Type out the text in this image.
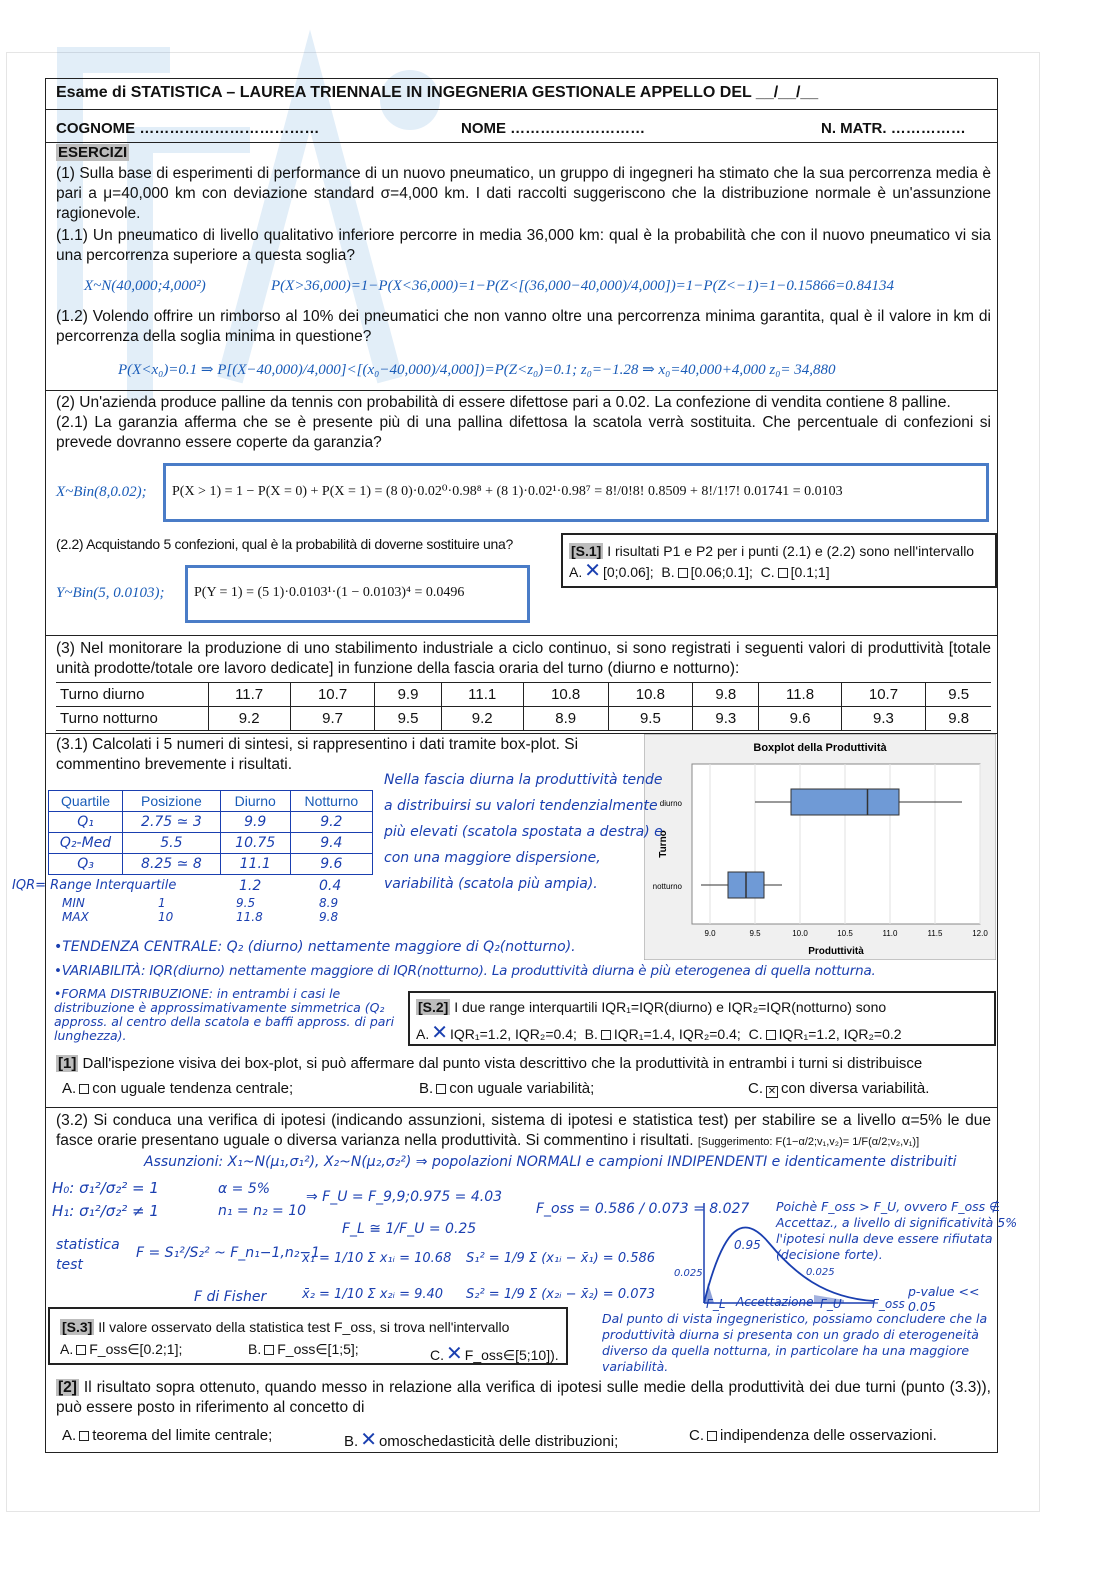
Esame di STATISTICA – LAUREA TRIENNALE IN INGEGNERIA GESTIONALE APPELLO DEL __/__/__
COGNOME ………………………………	NOME ………………………	N. MATR. ……………
ESERCIZI
(1) Sulla base di esperimenti di performance di un nuovo pneumatico, un gruppo di ingegneri ha stimato che la sua percorrenza media è pari a μ=40,000 km con deviazione standard σ=4,000 km. I dati raccolti suggeriscono che la distribuzione normale è un'assunzione ragionevole.
(1.1) Un pneumatico di livello qualitativo inferiore percorre in media 36,000 km: qual è la probabilità che con il nuovo pneumatico vi sia una percorrenza superiore a questa soglia?
X~N(40,000;4,000²)	P(X>36,000)=1−P(X<36,000)=1−P(Z<[(36,000−40,000)/4,000])=1−P(Z<−1)=1−0.15866=0.84134
(1.2) Volendo offrire un rimborso al 10% dei pneumatici che non vanno oltre una percorrenza minima garantita, qual è il valore in km di percorrenza della soglia minima in questione?
P(X<x₀)=0.1 ⇒ P[(X−40,000)/4,000]<[(x₀−40,000)/4,000])=P(Z<z₀)=0.1; z₀=−1.28 ⇒ x₀=40,000+4,000 z₀= 34,880
(2) Un'azienda produce palline da tennis con probabilità di essere difettose pari a 0.02. La confezione di vendita contiene 8 palline.
(2.1) La garanzia afferma che se è presente più di una pallina difettosa la scatola verrà sostituita. Che percentuale di confezioni si prevede dovranno essere coperte da garanzia?
X~Bin(8,0.02); P(X > 1) = 1 − P(X = 0) + P(X = 1) = (8 0)·0.02⁰·0.98⁸ + (8 1)·0.02¹·0.98⁷ = 8!/0!8! 0.8509 + 8!/1!7! 0.01741 = 0.0103
(2.2) Acquistando 5 confezioni, qual è la probabilità di doverne sostituire una?
Y~Bin(5, 0.0103); P(Y = 1) = (5 1)·0.0103¹·(1 − 0.0103)⁴ = 0.0496
[S.1] I risultati P1 e P2 per i punti (2.1) e (2.2) sono nell'intervallo A. ✕ [0;0.06]; B. [0.06;0.1]; C. [0.1;1]
(3) Nel monitorare la produzione di uno stabilimento industriale a ciclo continuo, si sono registrati i seguenti valori di produttività [totale unità prodotte/totale ore lavoro dedicate] in funzione della fascia oraria del turno (diurno e notturno):
Turno diurno	11.7	10.7	9.9	11.1	10.8	10.8	9.8	11.8	10.7	9.5
Turno notturno	9.2	9.7	9.5	9.2	8.9	9.5	9.3	9.6	9.3	9.8
(3.1) Calcolati i 5 numeri di sintesi, si rappresentino i dati tramite box-plot. Si commentino brevemente i risultati.
Boxplot della Produttività
9.0	9.5	10.0	10.5	11.0	11.5	12.0
diurno
notturno
Turno
Produttività
Nella fascia diurna la produttività tende a distribuirsi su valori tendenzialmente più elevati (scatola spostata a destra) e con una maggiore dispersione, variabilità (scatola più ampia).
Quartile	Posizione	Diurno	Notturno
Q₁	2.75 ≃ 3	9.9	9.2
Q₂-Med	5.5	10.75	9.4
Q₃	8.25 ≃ 8	11.1	9.6
IQR= Range Interquartile	1.2	0.4
MIN	1	9.5	8.9
MAX	10	11.8	9.8
•TENDENZA CENTRALE: Q₂ (diurno) nettamente maggiore di Q₂(notturno).
•VARIABILITÀ: IQR(diurno) nettamente maggiore di IQR(notturno). La produttività diurna è più eterogenea di quella notturna.
•FORMA DISTRIBUZIONE: in entrambi i casi le distribuzione è approssimativamente simmetrica (Q₂ appross. al centro della scatola e baffi appross. di pari lunghezza).
[S.2] I due range interquartili IQR₁=IQR(diurno) e IQR₂=IQR(notturno) sono
A. ✕ IQR₁=1.2, IQR₂=0.4; B. IQR₁=1.4, IQR₂=0.4; C. IQR₁=1.2, IQR₂=0.2
[1] Dall'ispezione visiva dei box-plot, si può affermare dal punto vista descrittivo che la produttività in entrambi i turni si distribuisce
A. con uguale tendenza centrale;	B. con uguale variabilità;	C. ✕ con diversa variabilità.
(3.2) Si conduca una verifica di ipotesi (indicando assunzioni, sistema di ipotesi e statistica test) per stabilire se a livello α=5% le due fasce orarie presentano uguale o diversa varianza nella produttività. Si commentino i risultati. [Suggerimento: F(1−α/2;v₁,v₂)= 1/F(α/2;v₂,v₁)]
Assunzioni: X₁~N(μ₁,σ₁²), X₂~N(μ₂,σ₂²) ⇒ popolazioni NORMALI e campioni INDIPENDENTI e identicamente distribuiti
H₀: σ₁²/σ₂² = 1
H₁: σ₁²/σ₂² ≠ 1
α = 5%
n₁ = n₂ = 10
⇒ F_U = F_9,9;0.975 = 4.03
F_L ≅ 1/F_U = 0.25
F_oss = 0.586 / 0.073 = 8.027
statistica test
F = S₁²/S₂² ~ F_n₁−1,n₂−1
F di Fisher
x̄₁ = 1/10 Σ x₁ᵢ = 10.68 S₁² = 1/9 Σ (x₁ᵢ − x̄₁) = 0.586
x̄₂ = 1/10 Σ x₂ᵢ = 9.40 S₂² = 1/9 Σ (x₂ᵢ − x̄₂) = 0.073
0.95
0.025	0.025
F_L Accettazione F_U	F_oss
Poichè F_oss > F_U, ovvero F_oss ∉ Accettaz., a livello di significatività 5% l'ipotesi nulla deve essere rifiutata (decisione forte).
p-value << 0.05
[S.3] Il valore osservato della statistica test F_oss, si trova nell'intervallo
A. F_oss∈[0.2;1];	B. F_oss∈[1;5];	C. ✕ F_oss∈[5;10]).
Dal punto di vista ingegneristico, possiamo concludere che la produttività diurna si presenta con un grado di eterogeneità diverso da quella notturna, in particolare ha una maggiore variabilità.
[2] Il risultato sopra ottenuto, quando messo in relazione alla verifica di ipotesi sulle medie della produttività dei due turni (punto (3.3)), può essere posto in riferimento al concetto di
A. teorema del limite centrale;	B. ✕ omoschedasticità delle distribuzioni;	C. indipendenza delle osservazioni.
